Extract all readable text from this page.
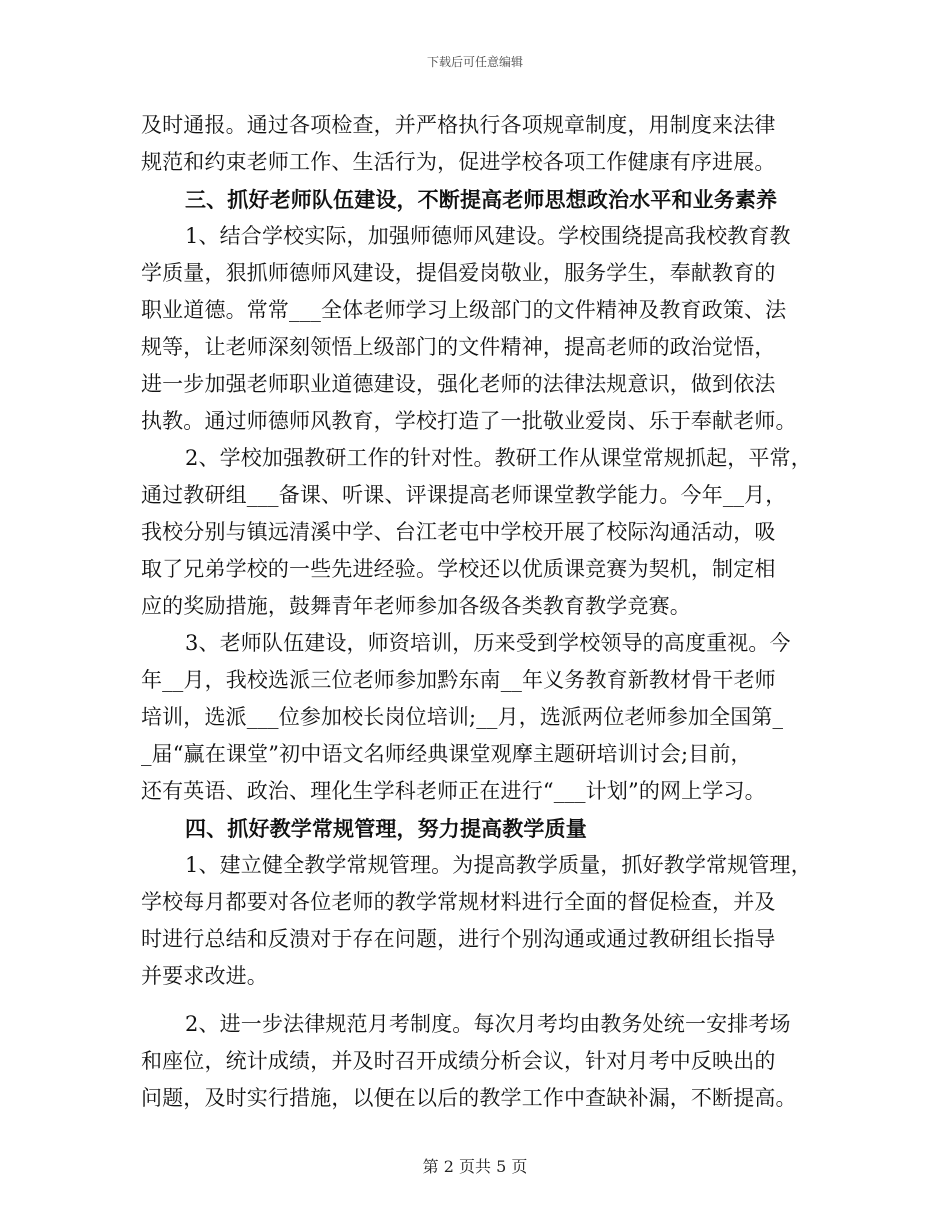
下载后可任意编辑
及时通报。通过各项检查，并严格执行各项规章制度，用制度来法律
规范和约束老师工作、生活行为，促进学校各项工作健康有序进展。
三、抓好老师队伍建设，不断提高老师思想政治水平和业务素养
1、结合学校实际，加强师德师风建设。学校围绕提高我校教育教
学质量，狠抓师德师风建设，提倡爱岗敬业，服务学生，奉献教育的
职业道德。常常___全体老师学习上级部门的文件精神及教育政策、法
规等，让老师深刻领悟上级部门的文件精神，提高老师的政治觉悟，
进一步加强老师职业道德建设，强化老师的法律法规意识，做到依法
执教。通过师德师风教育，学校打造了一批敬业爱岗、乐于奉献老师。
2、学校加强教研工作的针对性。教研工作从课堂常规抓起，平常，
通过教研组___备课、听课、评课提高老师课堂教学能力。今年__月，
我校分别与镇远清溪中学、台江老屯中学校开展了校际沟通活动，吸
取了兄弟学校的一些先进经验。学校还以优质课竞赛为契机，制定相
应的奖励措施，鼓舞青年老师参加各级各类教育教学竞赛。
3、老师队伍建设，师资培训，历来受到学校领导的高度重视。今
年__月，我校选派三位老师参加黔东南__年义务教育新教材骨干老师
培训，选派___位参加校长岗位培训;__月，选派两位老师参加全国第_
_届“赢在课堂”初中语文名师经典课堂观摩主题研培训讨会;目前，
还有英语、政治、理化生学科老师正在进行“___计划”的网上学习。
四、抓好教学常规管理，努力提高教学质量
1、建立健全教学常规管理。为提高教学质量，抓好教学常规管理，
学校每月都要对各位老师的教学常规材料进行全面的督促检查，并及
时进行总结和反溃对于存在问题，进行个别沟通或通过教研组长指导
并要求改进。
2、进一步法律规范月考制度。每次月考均由教务处统一安排考场
和座位，统计成绩，并及时召开成绩分析会议，针对月考中反映出的
问题，及时实行措施，以便在以后的教学工作中查缺补漏，不断提高。
第 2 页共 5 页
